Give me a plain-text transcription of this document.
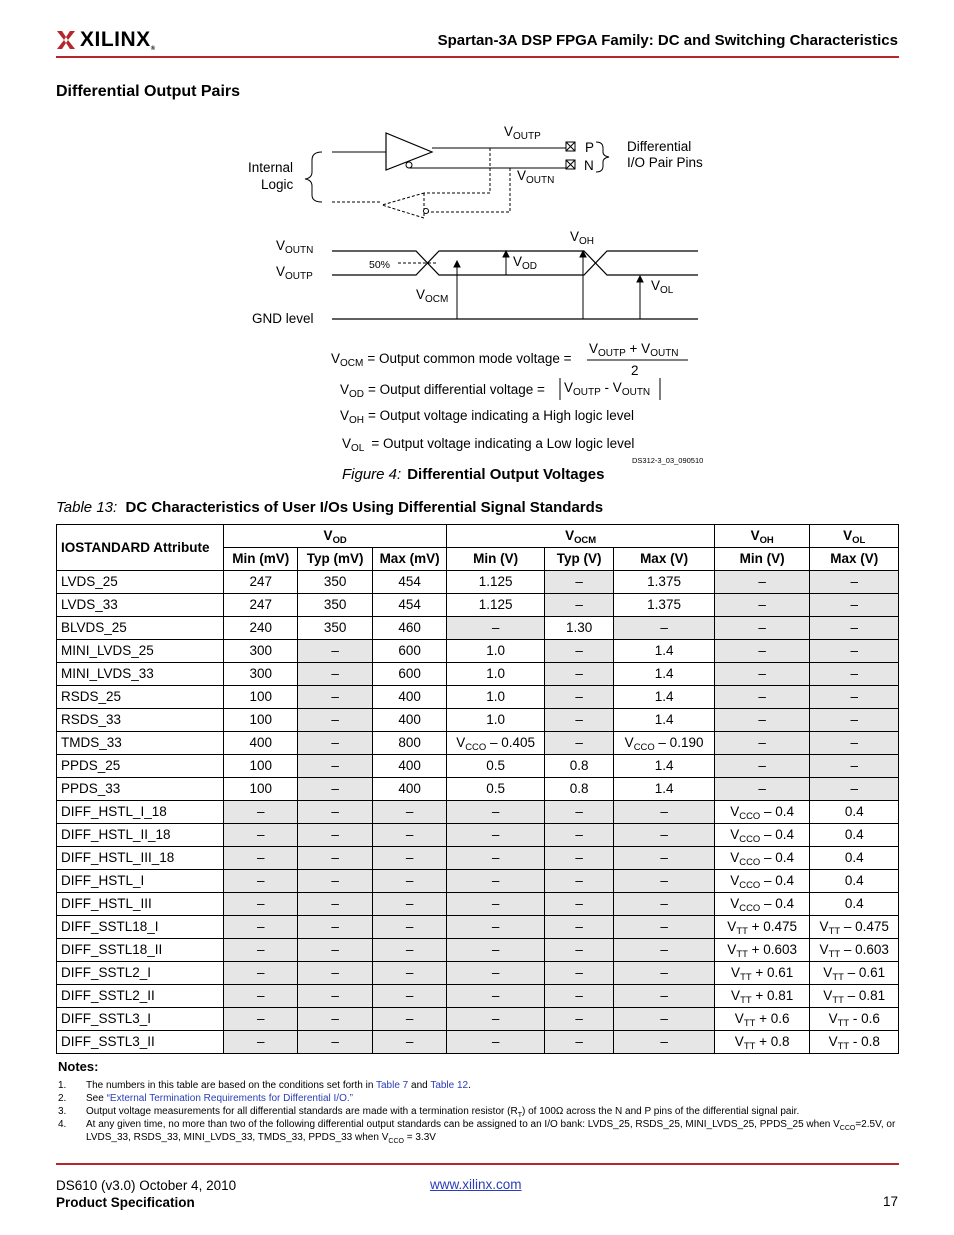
XILINX®	Spartan-3A DSP FPGA Family: DC and Switching Characteristics
Differential Output Pairs
Internal
Logic
$V_{OUTP}$
$V_{OUTN}$
P
N
Differential
I/O Pair Pins
$V_{OUTN}$
$V_{OUTP}$
50%
GND level
$V_{OH}$
$V_{OD}$
$V_{OCM}$
$V_{OL}$
$V_{OCM}$ = Output common mode voltage =
$V_{OUTP} + V_{OUTN}$
2
$V_{OD}$ = Output differential voltage = $V_{OUTP} - V_{OUTN}$
$V_{OH}$ = Output voltage indicating a High logic level
$V_{OL}$ = Output voltage indicating a Low logic level
DS312-3_03_090510
Figure 4: Differential Output Voltages
Table 13: DC Characteristics of User I/Os Using Differential Signal Standards
IOSTANDARD Attribute	$V_{OD}$			$V_{OCM}$			$V_{OH}$	$V_{OL}$
	Min (mV)	Typ (mV)	Max (mV)	Min (V)	Typ (V)	Max (V)	Min (V)	Max (V)
LVDS_25	247	350	454	1.125	–	1.375	–	–
LVDS_33	247	350	454	1.125	–	1.375	–	–
BLVDS_25	240	350	460	–	1.30	–	–	–
MINI_LVDS_25	300	–	600	1.0	–	1.4	–	–
MINI_LVDS_33	300	–	600	1.0	–	1.4	–	–
RSDS_25	100	–	400	1.0	–	1.4	–	–
RSDS_33	100	–	400	1.0	–	1.4	–	–
TMDS_33	400	–	800	$V_{CCO} - 0.405$	–	$V_{CCO} - 0.190$	–	–
PPDS_25	100	–	400	0.5	0.8	1.4	–	–
PPDS_33	100	–	400	0.5	0.8	1.4	–	–
DIFF_HSTL_I_18	–	–	–	–	–	–	$V_{CCO} - 0.4$	0.4
DIFF_HSTL_II_18	–	–	–	–	–	–	$V_{CCO} - 0.4$	0.4
DIFF_HSTL_III_18	–	–	–	–	–	–	$V_{CCO} - 0.4$	0.4
DIFF_HSTL_I	–	–	–	–	–	–	$V_{CCO} - 0.4$	0.4
DIFF_HSTL_III	–	–	–	–	–	–	$V_{CCO} - 0.4$	0.4
DIFF_SSTL18_I	–	–	–	–	–	–	$V_{TT} + 0.475$	$V_{TT} - 0.475$
DIFF_SSTL18_II	–	–	–	–	–	–	$V_{TT} + 0.603$	$V_{TT} - 0.603$
DIFF_SSTL2_I	–	–	–	–	–	–	$V_{TT} + 0.61$	$V_{TT} - 0.61$
DIFF_SSTL2_II	–	–	–	–	–	–	$V_{TT} + 0.81$	$V_{TT} - 0.81$
DIFF_SSTL3_I	–	–	–	–	–	–	$V_{TT} + 0.6$	$V_{TT} - 0.6$
DIFF_SSTL3_II	–	–	–	–	–	–	$V_{TT} + 0.8$	$V_{TT} - 0.8$
Notes:
1.	The numbers in this table are based on the conditions set forth in Table 7 and Table 12.
2.	See “External Termination Requirements for Differential I/O.”
3.	Output voltage measurements for all differential standards are made with a termination resistor $(R_T)$ of 100Ω across the N and P pins of the differential signal pair.
4.	At any given time, no more than two of the following differential output standards can be assigned to an I/O bank: LVDS_25, RSDS_25, MINI_LVDS_25, PPDS_25 when $V_{CCO}=2.5V$, or LVDS_33, RSDS_33, MINI_LVDS_33, TMDS_33, PPDS_33 when $V_{CCO} = 3.3V$
DS610 (v3.0) October 4, 2010
Product Specification
www.xilinx.com
17
